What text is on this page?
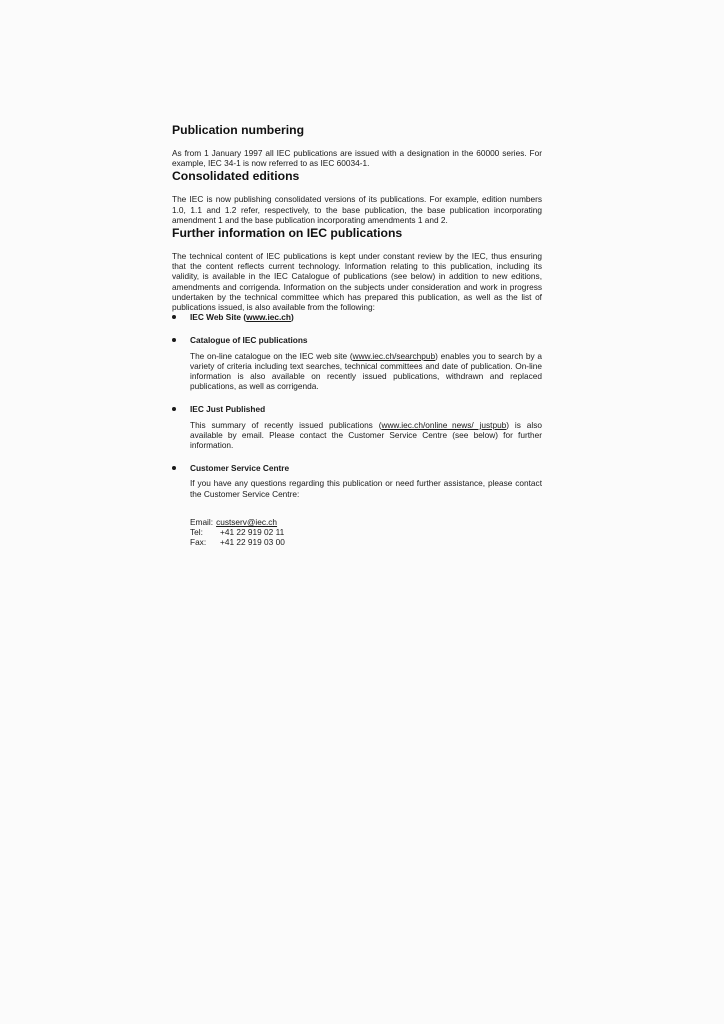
Publication numbering

As from 1 January 1997 all IEC publications are issued with a designation in the 60000 series. For example, IEC 34-1 is now referred to as IEC 60034-1.

Consolidated editions

The IEC is now publishing consolidated versions of its publications. For example, edition numbers 1.0, 1.1 and 1.2 refer, respectively, to the base publication, the base publication incorporating amendment 1 and the base publication incorporating amendments 1 and 2.

Further information on IEC publications

The technical content of IEC publications is kept under constant review by the IEC, thus ensuring that the content reflects current technology. Information relating to this publication, including its validity, is available in the IEC Catalogue of publications (see below) in addition to new editions, amendments and corrigenda. Information on the subjects under consideration and work in progress undertaken by the technical committee which has prepared this publication, as well as the list of publications issued, is also available from the following:

IEC Web Site (www.iec.ch)
Catalogue of IEC publications
The on-line catalogue on the IEC web site (www.iec.ch/searchpub) enables you to search by a variety of criteria including text searches, technical committees and date of publication. On-line information is also available on recently issued publications, withdrawn and replaced publications, as well as corrigenda.
IEC Just Published
This summary of recently issued publications (www.iec.ch/online_news/ justpub) is also available by email. Please contact the Customer Service Centre (see below) for further information.
Customer Service Centre
If you have any questions regarding this publication or need further assistance, please contact the Customer Service Centre:
Email: custserv@iec.ch
Tel:	+41 22 919 02 11
Fax:	+41 22 919 03 00
